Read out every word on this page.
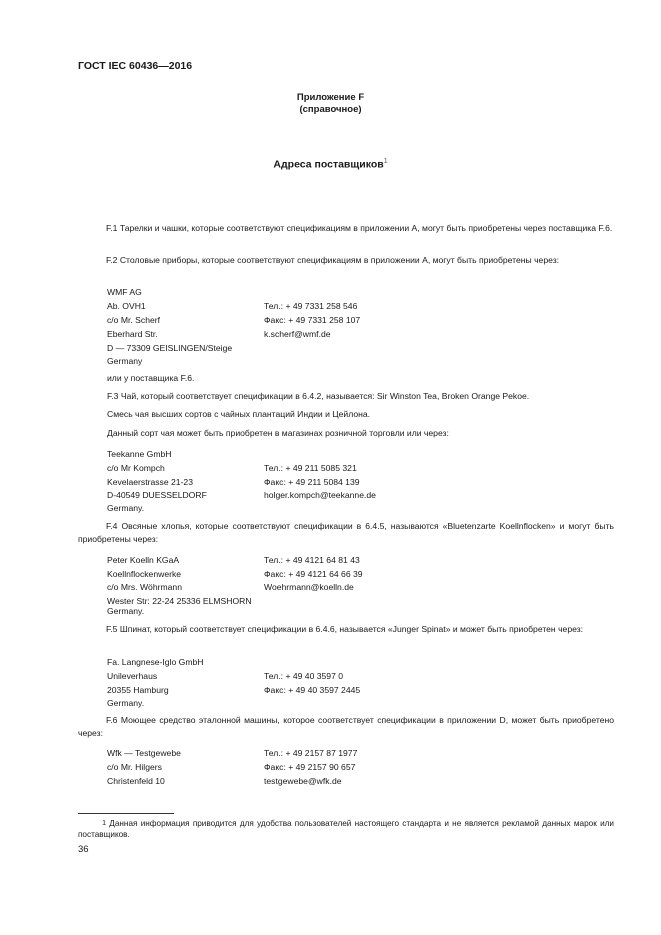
ГОСТ IEC 60436—2016
Приложение F
(справочное)
Адреса поставщиков$^1$
F.1 Тарелки и чашки, которые соответствуют спецификациям в приложении А, могут быть приобретены через поставщика F.6.
F.2 Столовые приборы, которые соответствуют спецификациям в приложении А, могут быть приобретены через:
WMF AG
Ab. OVH1
c/o Mr. Scherf
Eberhard Str.
D — 73309 GEISLINGEN/Steige
Germany
Тел.: + 49 7331 258 546
Факс: + 49 7331 258 107
k.scherf@wmf.de
или у поставщика F.6.
F.3 Чай, который соответствует спецификации в 6.4.2, называется: Sir Winston Tea, Broken Orange Pekoe.
Смесь чая высших сортов с чайных плантаций Индии и Цейлона.
Данный сорт чая может быть приобретен в магазинах розничной торговли или через:
Teekanne GmbH
c/o Mr Kompch
Kevelaerstrasse 21-23
D-40549 DUESSELDORF
Germany.
Тел.: + 49 211 5085 321
Факс: + 49 211 5084 139
holger.kompch@teekanne.de
F.4 Овсяные хлопья, которые соответствуют спецификации в 6.4.5, называются «Bluetenzarte Koellnflocken» и могут быть приобретены через:
Peter Koelln KGaA
Koellnflockenwerke
c/o Mrs. Wöhrmann
Wester Str: 22-24 25336 ELMSHORN
Germany.
Тел.: + 49 4121 64 81 43
Факс: + 49 4121 64 66 39
Woehrmann@koelln.de
F.5 Шпинат, который соответствует спецификации в 6.4.6, называется «Junger Spinat» и может быть приобретен через:
Fa. Langnese-Iglo GmbH
Unileverhaus
20355 Hamburg
Germany.
Тел.: + 49 40 3597 0
Факс: + 49 40 3597 2445
F.6 Моющее средство эталонной машины, которое соответствует спецификации в приложении D, может быть приобретено через:
Wfk — Testgewebe
c/o Mr. Hilgers
Christenfeld 10
Тел.: + 49 2157 87 1977
Факс: + 49 2157 90 657
testgewebe@wfk.de
1 Данная информация приводится для удобства пользователей настоящего стандарта и не является рекламой данных марок или поставщиков.
36
